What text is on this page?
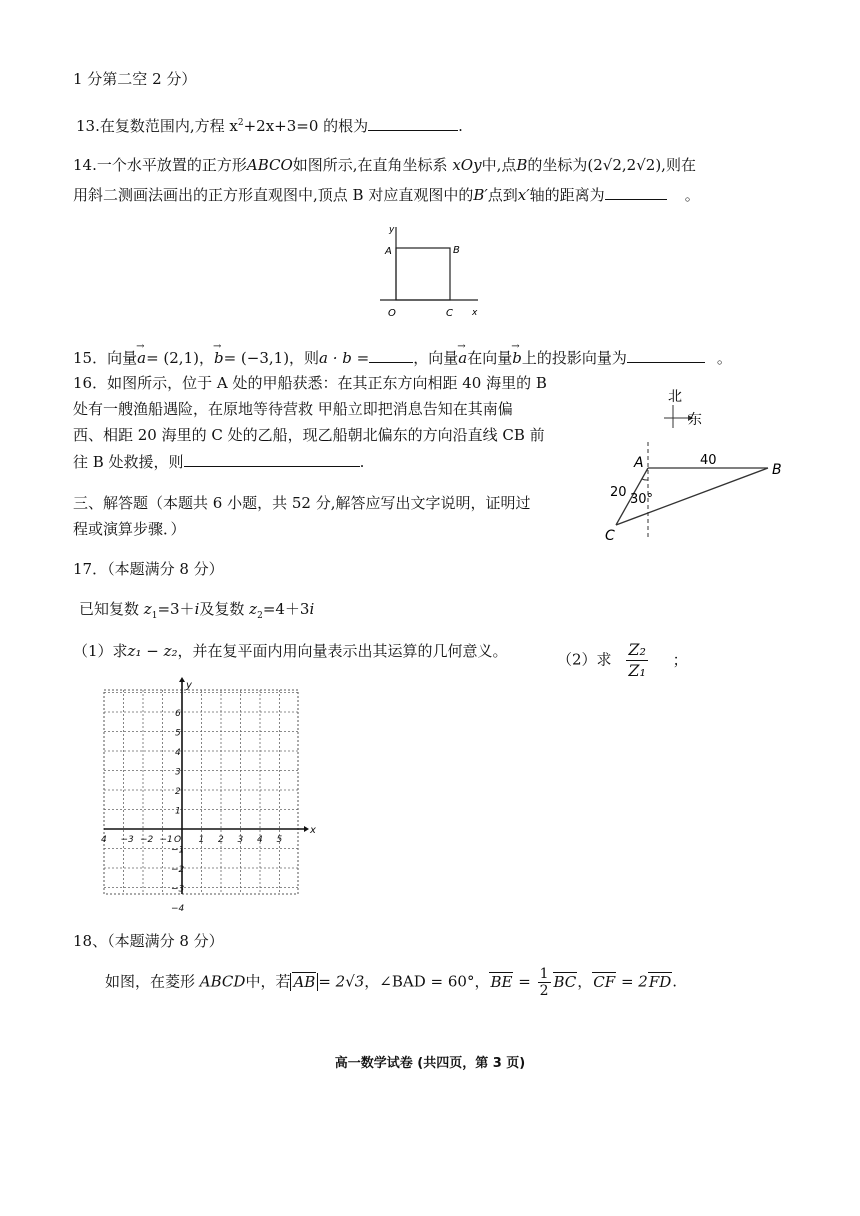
1 分第二空 2 分）
13.在复数范围内,方程 $x^2+2x+3=0$ 的根为	.
14.一个水平放置的正方形ABCO如图所示,在直角坐标系 xOy中,点B的坐标为(2√2,2√2),则在
用斜二测画法画出的正方形直观图中,顶点 B 对应直观图中的B′点到x′轴的距离为	。
y
x
A	B
O	C
15．向量→ a= (2,1)，→ b= (−3,1)，则a · b =	，向量→ a在向量→ b上的投影向量为	。
16．如图所示，位于 A 处的甲船获悉：在其正东方向相距 40 海里的 B
处有一艘渔船遇险，在原地等待营救 甲船立即把消息告知在其南偏
西、相距 20 海里的 C 处的乙船，现乙船朝北偏东的方向沿直线 CB 前
往 B 处救援，则	.
北
东
A	B
C
40
20 30°
三、解答题（本题共 6 小题，共 52 分,解答应写出文字说明，证明过
程或演算步骤．）
17．（本题满分 8 分）
已知复数 $z_1=3+i$及复数 $z_2=4+3i$
（1）求z₁ − z₂，并在复平面内用向量表示出其运算的几何意义。	（2）求 $\frac{\text{Z₂}}{\text{Z₁}}$ ；
4 −3 −2 −1 O 1 2 3 4 5
6
5
4
3
2
1
−1
−2
−3
−4
x
y
18、（本题满分 8 分）
如图，在菱形 ABCD中，若 AB = 2√3，∠BAD = 60°，BE = $\frac{1}{2}$ BC，CF = 2FD.
高一数学试卷 (共四页，第 3 页)
